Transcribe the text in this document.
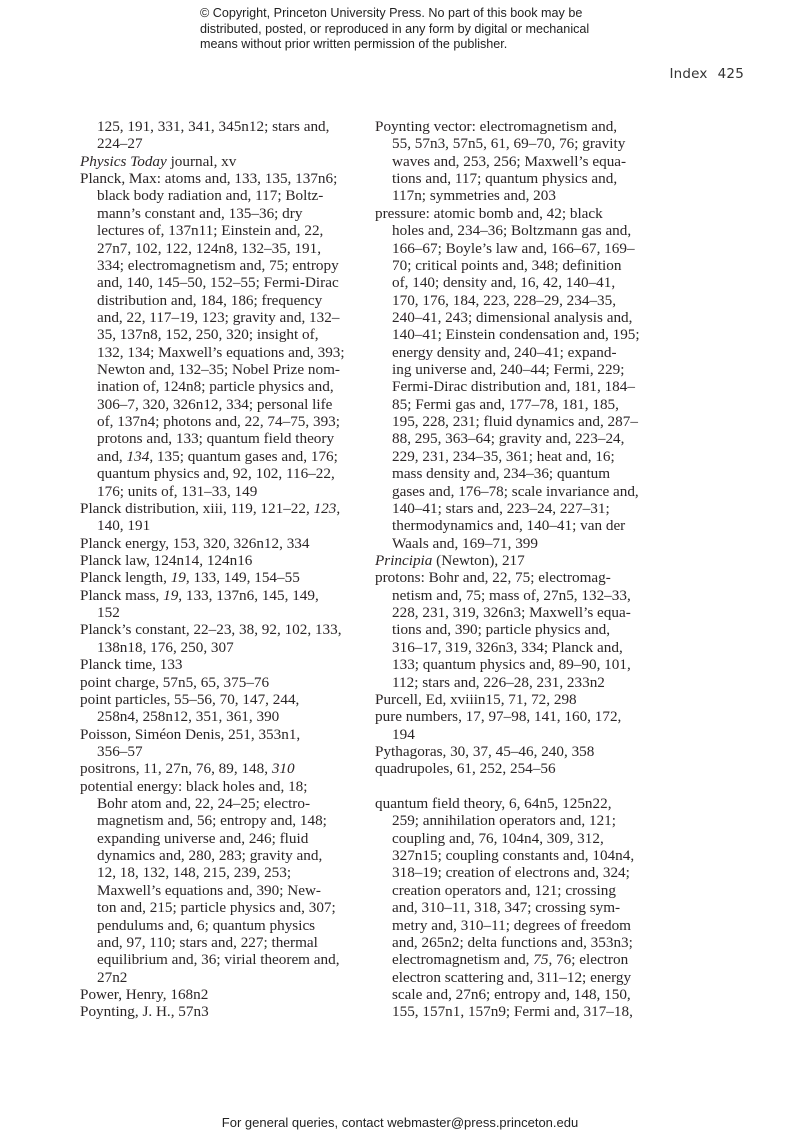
© Copyright, Princeton University Press. No part of this book may be
distributed, posted, or reproduced in any form by digital or mechanical
means without prior written permission of the publisher.
Index 425
125, 191, 331, 341, 345n12; stars and,
224–27
Physics Today journal, xv
Planck, Max: atoms and, 133, 135, 137n6;
black body radiation and, 117; Boltz-
mann’s constant and, 135–36; dry
lectures of, 137n11; Einstein and, 22,
27n7, 102, 122, 124n8, 132–35, 191,
334; electromagnetism and, 75; entropy
and, 140, 145–50, 152–55; Fermi-Dirac
distribution and, 184, 186; frequency
and, 22, 117–19, 123; gravity and, 132–
35, 137n8, 152, 250, 320; insight of,
132, 134; Maxwell’s equations and, 393;
Newton and, 132–35; Nobel Prize nom-
ination of, 124n8; particle physics and,
306–7, 320, 326n12, 334; personal life
of, 137n4; photons and, 22, 74–75, 393;
protons and, 133; quantum field theory
and, 134, 135; quantum gases and, 176;
quantum physics and, 92, 102, 116–22,
176; units of, 131–33, 149
Planck distribution, xiii, 119, 121–22, 123,
140, 191
Planck energy, 153, 320, 326n12, 334
Planck law, 124n14, 124n16
Planck length, 19, 133, 149, 154–55
Planck mass, 19, 133, 137n6, 145, 149,
152
Planck’s constant, 22–23, 38, 92, 102, 133,
138n18, 176, 250, 307
Planck time, 133
point charge, 57n5, 65, 375–76
point particles, 55–56, 70, 147, 244,
258n4, 258n12, 351, 361, 390
Poisson, Siméon Denis, 251, 353n1,
356–57
positrons, 11, 27n, 76, 89, 148, 310
potential energy: black holes and, 18;
Bohr atom and, 22, 24–25; electro-
magnetism and, 56; entropy and, 148;
expanding universe and, 246; fluid
dynamics and, 280, 283; gravity and,
12, 18, 132, 148, 215, 239, 253;
Maxwell’s equations and, 390; New-
ton and, 215; particle physics and, 307;
pendulums and, 6; quantum physics
and, 97, 110; stars and, 227; thermal
equilibrium and, 36; virial theorem and,
27n2
Power, Henry, 168n2
Poynting, J. H., 57n3
Poynting vector: electromagnetism and,
55, 57n3, 57n5, 61, 69–70, 76; gravity
waves and, 253, 256; Maxwell’s equa-
tions and, 117; quantum physics and,
117n; symmetries and, 203
pressure: atomic bomb and, 42; black
holes and, 234–36; Boltzmann gas and,
166–67; Boyle’s law and, 166–67, 169–
70; critical points and, 348; definition
of, 140; density and, 16, 42, 140–41,
170, 176, 184, 223, 228–29, 234–35,
240–41, 243; dimensional analysis and,
140–41; Einstein condensation and, 195;
energy density and, 240–41; expand-
ing universe and, 240–44; Fermi, 229;
Fermi-Dirac distribution and, 181, 184–
85; Fermi gas and, 177–78, 181, 185,
195, 228, 231; fluid dynamics and, 287–
88, 295, 363–64; gravity and, 223–24,
229, 231, 234–35, 361; heat and, 16;
mass density and, 234–36; quantum
gases and, 176–78; scale invariance and,
140–41; stars and, 223–24, 227–31;
thermodynamics and, 140–41; van der
Waals and, 169–71, 399
Principia (Newton), 217
protons: Bohr and, 22, 75; electromag-
netism and, 75; mass of, 27n5, 132–33,
228, 231, 319, 326n3; Maxwell’s equa-
tions and, 390; particle physics and,
316–17, 319, 326n3, 334; Planck and,
133; quantum physics and, 89–90, 101,
112; stars and, 226–28, 231, 233n2
Purcell, Ed, xviiin15, 71, 72, 298
pure numbers, 17, 97–98, 141, 160, 172,
194
Pythagoras, 30, 37, 45–46, 240, 358
quadrupoles, 61, 252, 254–56
quantum field theory, 6, 64n5, 125n22,
259; annihilation operators and, 121;
coupling and, 76, 104n4, 309, 312,
327n15; coupling constants and, 104n4,
318–19; creation of electrons and, 324;
creation operators and, 121; crossing
and, 310–11, 318, 347; crossing sym-
metry and, 310–11; degrees of freedom
and, 265n2; delta functions and, 353n3;
electromagnetism and, 75, 76; electron
electron scattering and, 311–12; energy
scale and, 27n6; entropy and, 148, 150,
155, 157n1, 157n9; Fermi and, 317–18,
For general queries, contact webmaster@press.princeton.edu
